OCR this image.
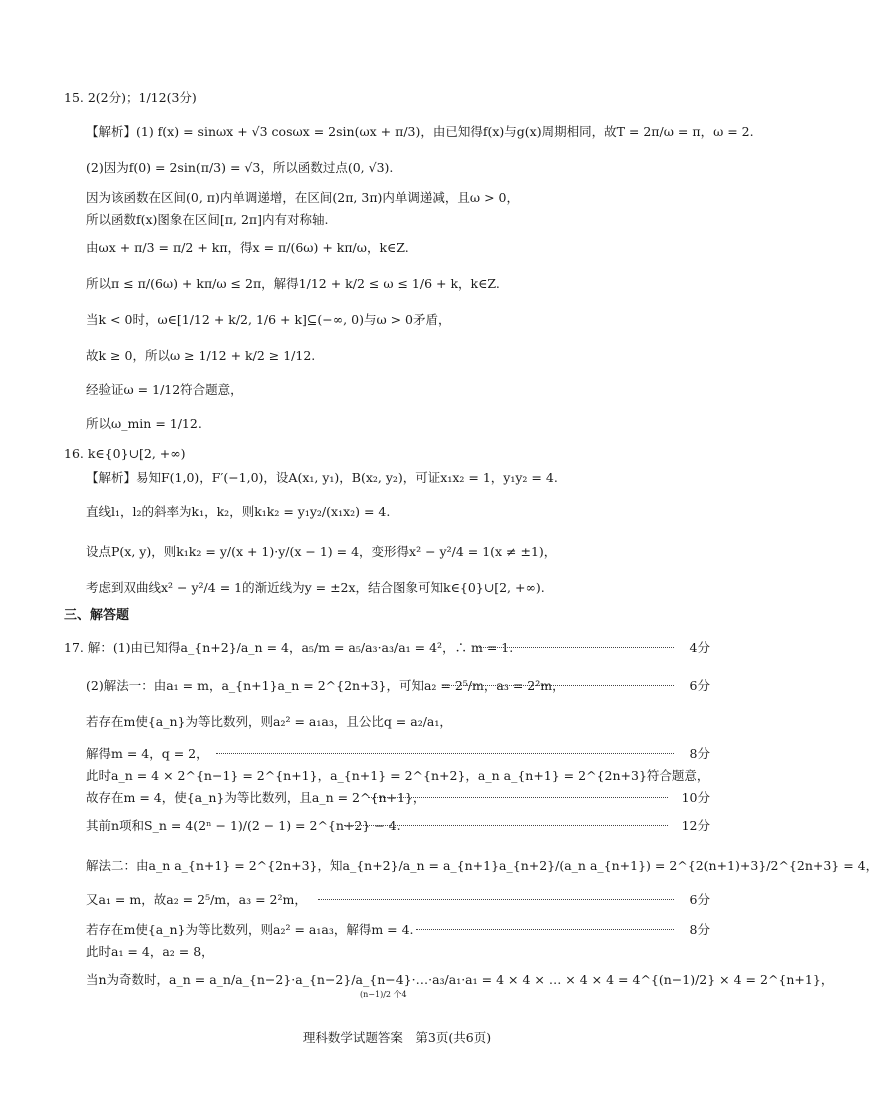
15. 2(2分)；1/12(3分)
【解析】(1) f(x) = sinωx + √3 cosωx = 2sin(ωx + π/3)，由已知得f(x)与g(x)周期相同，故T = 2π/ω = π，ω = 2.
(2)因为f(0) = 2sin(π/3) = √3，所以函数过点(0, √3).
因为该函数在区间(0, π)内单调递增，在区间(2π, 3π)内单调递减，且ω > 0，
所以函数f(x)图象在区间[π, 2π]内有对称轴.
由ωx + π/3 = π/2 + kπ，得x = π/(6ω) + kπ/ω，k∈Z.
所以π ≤ π/(6ω) + kπ/ω ≤ 2π，解得1/12 + k/2 ≤ ω ≤ 1/6 + k，k∈Z.
当k < 0时，ω∈[1/12 + k/2, 1/6 + k]⊆(−∞, 0)与ω > 0矛盾，
故k ≥ 0，所以ω ≥ 1/12 + k/2 ≥ 1/12.
经验证ω = 1/12符合题意，
所以ω_min = 1/12.
16. k∈{0}∪[2, +∞)
【解析】易知F(1,0)，F′(−1,0)，设A(x₁, y₁)，B(x₂, y₂)，可证x₁x₂ = 1，y₁y₂ = 4.
直线l₁，l₂的斜率为k₁，k₂，则k₁k₂ = y₁y₂/(x₁x₂) = 4.
设点P(x, y)，则k₁k₂ = y/(x + 1)·y/(x − 1) = 4，变形得x² − y²/4 = 1(x ≠ ±1)，
考虑到双曲线x² − y²/4 = 1的渐近线为y = ±2x，结合图象可知k∈{0}∪[2, +∞).
三、解答题
17. 解：(1)由已知得a_{n+2}/a_n = 4，a₅/m = a₅/a₃·a₃/a₁ = 4²，∴ m = 1.	4分
(2)解法一：由a₁ = m，a_{n+1}a_n = 2^{2n+3}，可知a₂ = 2⁵/m，a₃ = 2²m，	6分
若存在m使{a_n}为等比数列，则a₂² = a₁a₃，且公比q = a₂/a₁，
解得m = 4，q = 2，	8分
此时a_n = 4 × 2^{n−1} = 2^{n+1}，a_{n+1} = 2^{n+2}，a_n a_{n+1} = 2^{2n+3}符合题意，
故存在m = 4，使{a_n}为等比数列，且a_n = 2^{n+1}，	10分
其前n项和S_n = 4(2ⁿ − 1)/(2 − 1) = 2^{n+2} − 4.	12分
解法二：由a_n a_{n+1} = 2^{2n+3}，知a_{n+2}/a_n = a_{n+1}a_{n+2}/(a_n a_{n+1}) = 2^{2(n+1)+3}/2^{2n+3} = 4，
又a₁ = m，故a₂ = 2⁵/m，a₃ = 2²m，	6分
若存在m使{a_n}为等比数列，则a₂² = a₁a₃，解得m = 4.	8分
此时a₁ = 4，a₂ = 8，
当n为奇数时，a_n = a_n/a_{n−2}·a_{n−2}/a_{n−4}·…·a₃/a₁·a₁ = 4 × 4 × … × 4 × 4 = 4^{(n−1)/2} × 4 = 2^{n+1}，
(n−1)/2 个4
理科数学试题答案　第3页(共6页)
